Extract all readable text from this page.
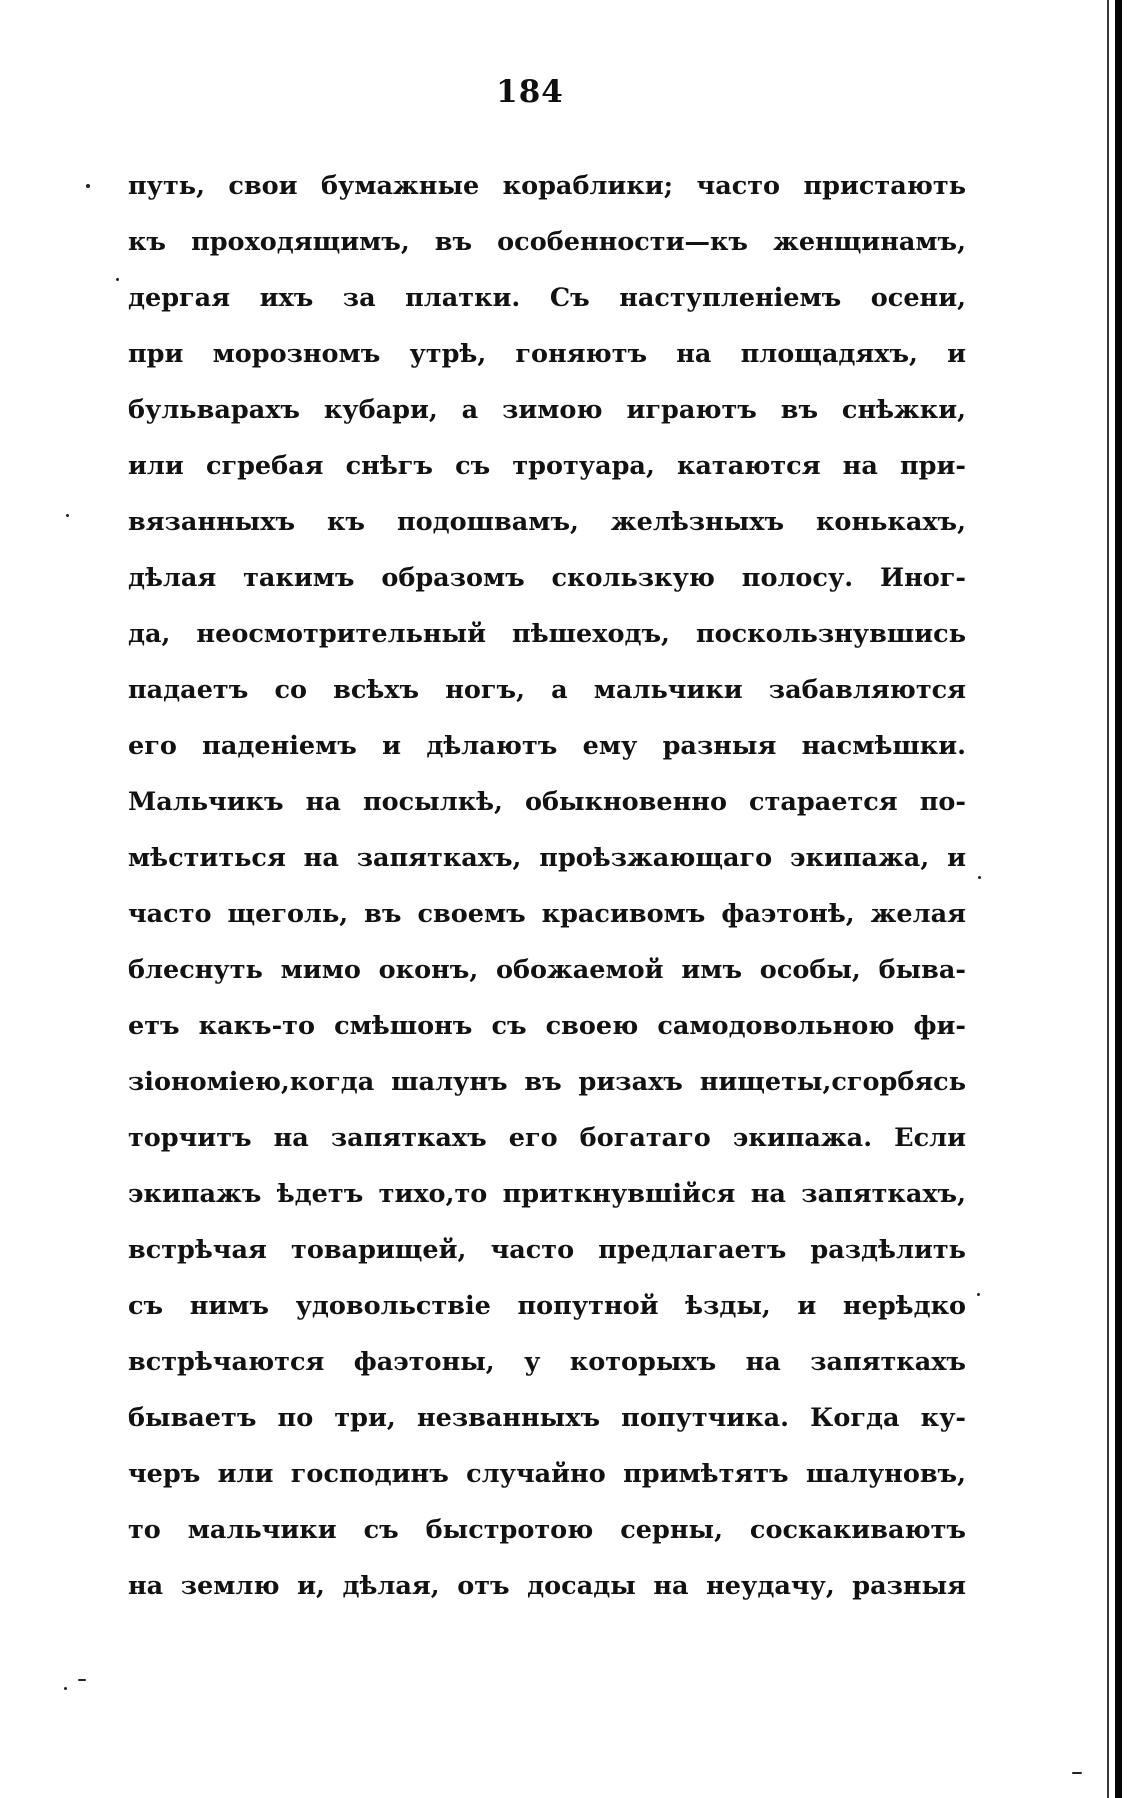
184
путь, свои бумажные кораблики; часто пристають
къ проходящимъ, въ особенности—къ женщинамъ,
дергая ихъ за платки. Съ наступленіемъ осени,
при морозномъ утрѣ, гоняютъ на площадяхъ, и
бульварахъ кубари, а зимою играютъ въ снѣжки,
или сгребая снѣгъ съ тротуара, катаются на при-
вязанныхъ къ подошвамъ, желѣзныхъ конькахъ,
дѣлая такимъ образомъ скользкую полосу. Иног-
да, неосмотрительный пѣшеходъ, поскользнувшись
падаетъ со всѣхъ ногъ, а мальчики забавляются
его паденіемъ и дѣлаютъ ему разныя насмѣшки.
Мальчикъ на посылкѣ, обыкновенно старается по-
мѣститься на запяткахъ, проѣзжающаго экипажа, и
часто щеголь, въ своемъ красивомъ фаэтонѣ, желая
блеснуть мимо оконъ, обожаемой имъ особы, быва-
етъ какъ-то смѣшонъ съ своею самодовольною фи-
зіономіею,когда шалунъ въ ризахъ нищеты,сгорбясь
торчитъ на запяткахъ его богатаго экипажа. Если
экипажъ ѣдетъ тихо,то приткнувшійся на запяткахъ,
встрѣчая товарищей, часто предлагаетъ раздѣлить
съ нимъ удовольствіе попутной ѣзды, и нерѣдко
встрѣчаются фаэтоны, у которыхъ на запяткахъ
бываетъ по три, незванныхъ попутчика. Когда ку-
черъ или господинъ случайно примѣтятъ шалуновъ,
то мальчики съ быстротою серны, соскакиваютъ
на землю и, дѣлая, отъ досады на неудачу, разныя
